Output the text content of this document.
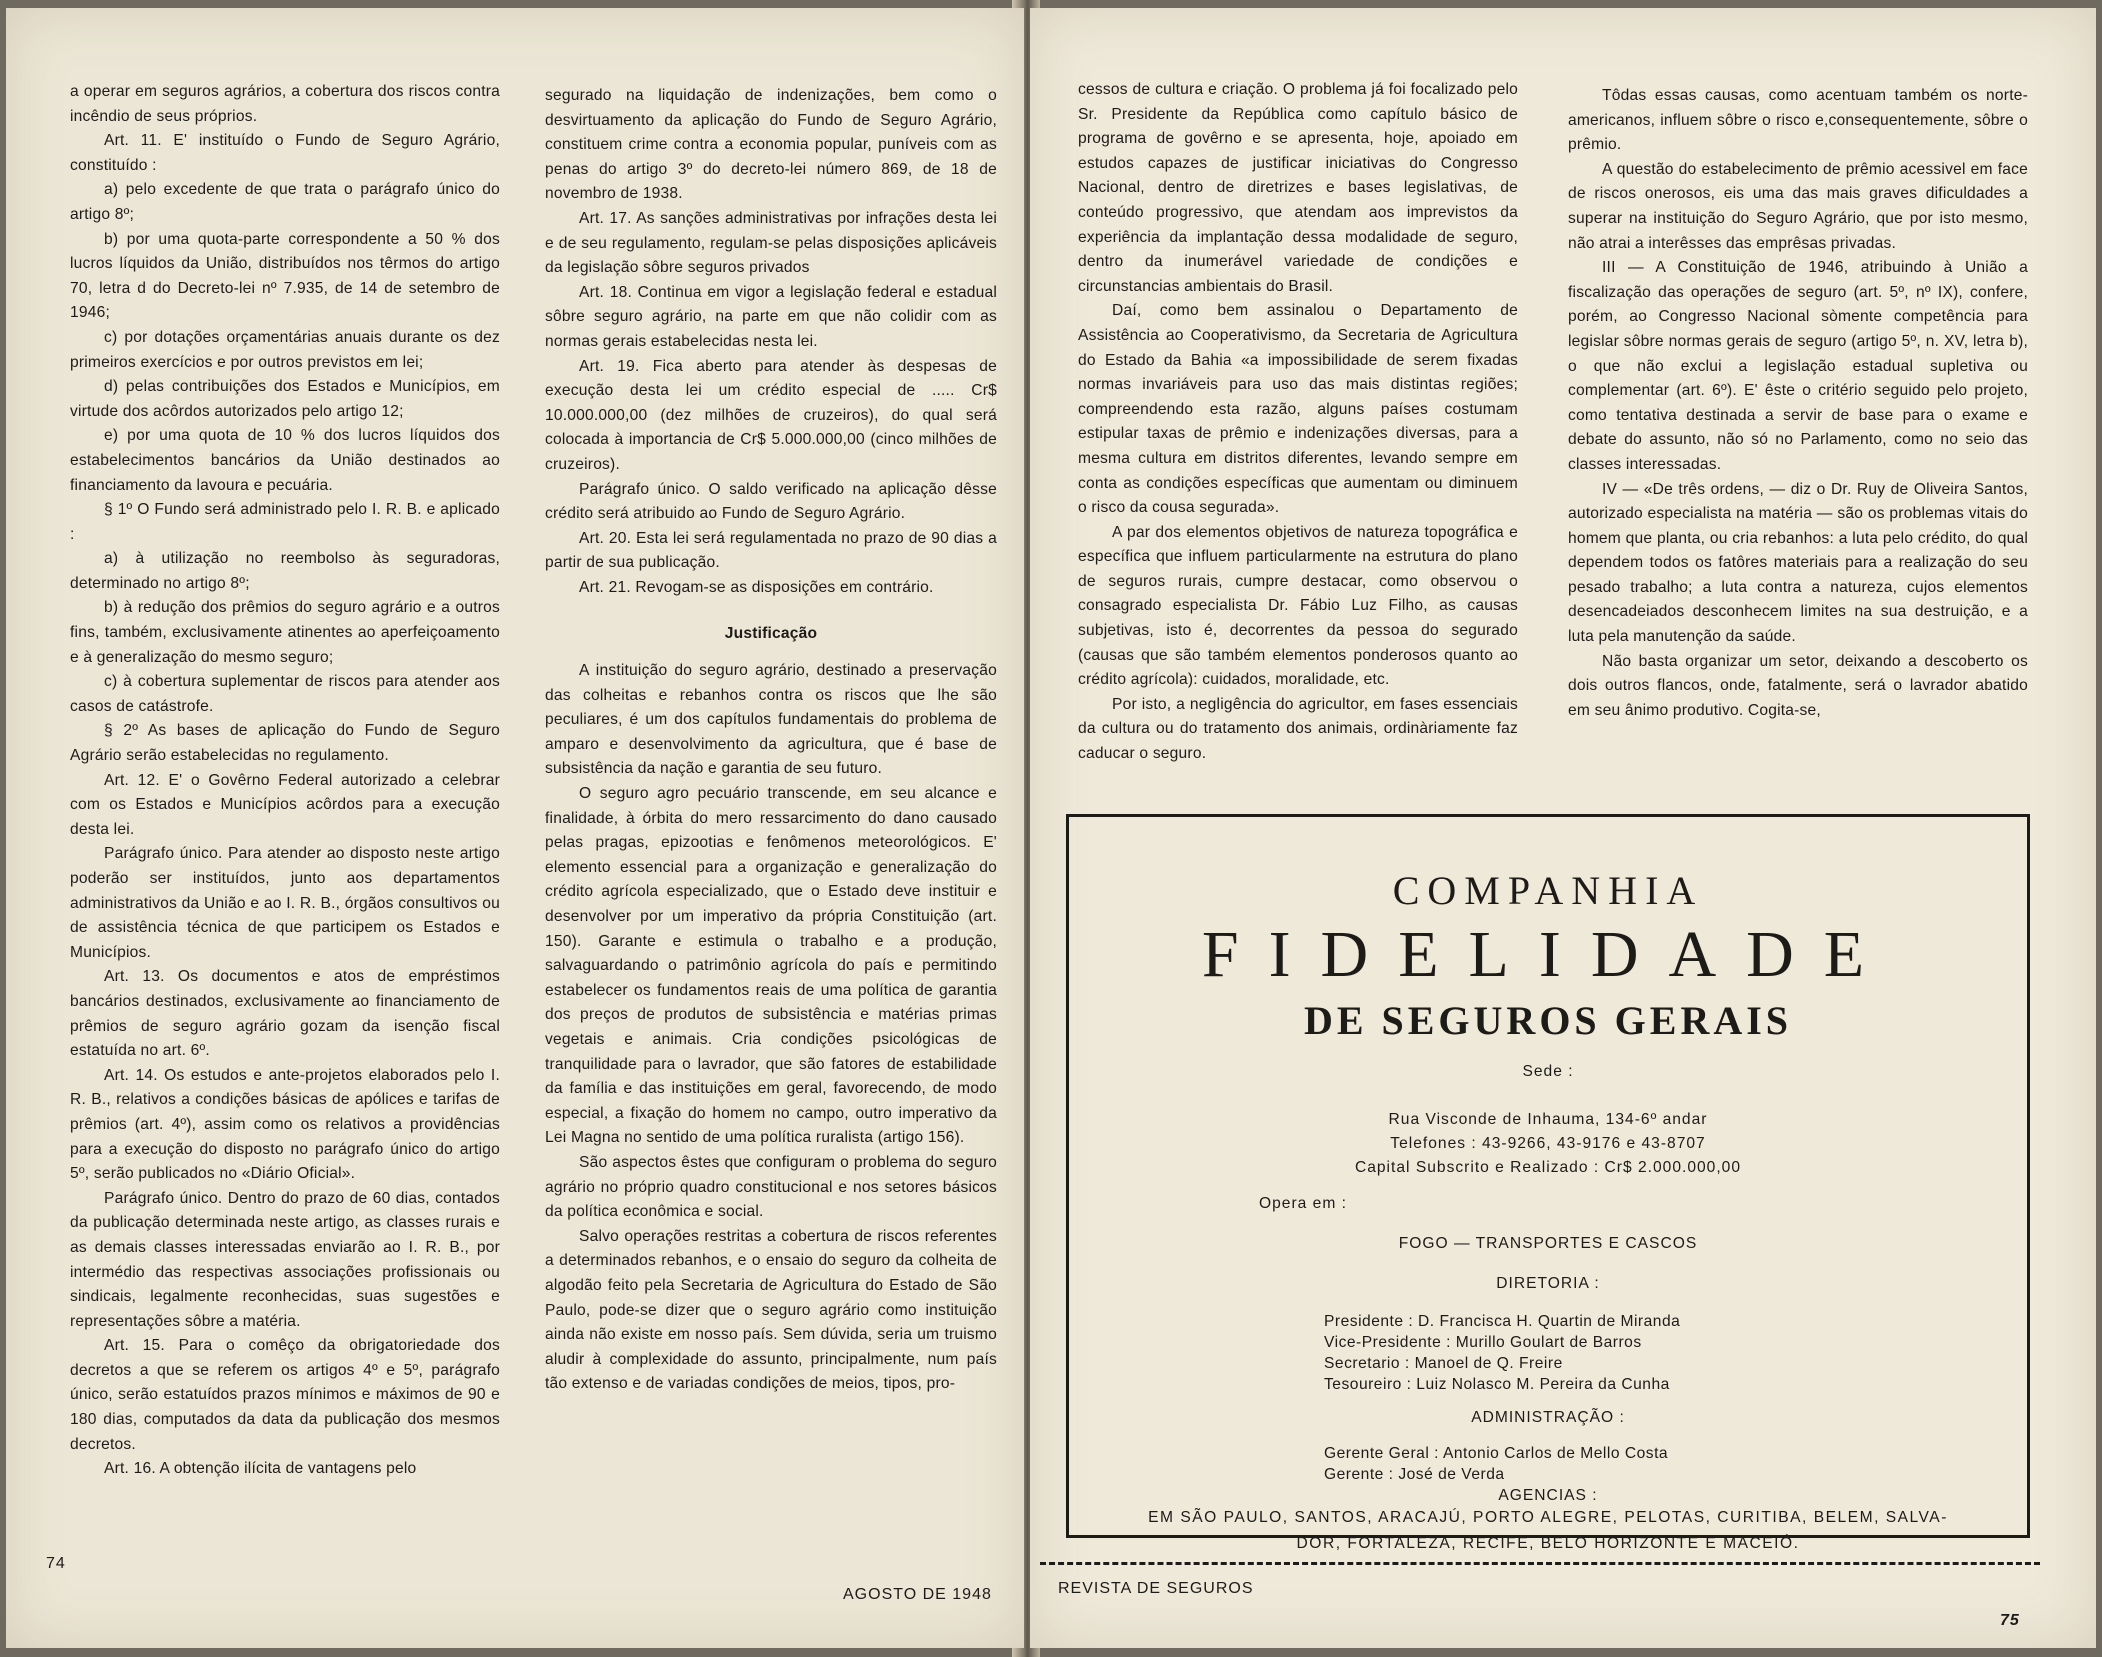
a operar em seguros agrários, a cobertura dos riscos contra incêndio de seus próprios.

Art. 11. E' instituído o Fundo de Seguro Agrário, constituído :

a) pelo excedente de que trata o parágrafo único do artigo 8º;

b) por uma quota-parte correspondente a 50 % dos lucros líquidos da União, distribuídos nos têrmos do artigo 70, letra d do Decreto-lei nº 7.935, de 14 de setembro de 1946;

c) por dotações orçamentárias anuais durante os dez primeiros exercícios e por outros previstos em lei;

d) pelas contribuições dos Estados e Municípios, em virtude dos acôrdos autorizados pelo artigo 12;

e) por uma quota de 10 % dos lucros líquidos dos estabelecimentos bancários da União destinados ao financiamento da lavoura e pecuária.

§ 1º O Fundo será administrado pelo I. R. B. e aplicado :

a) à utilização no reembolso às seguradoras, determinado no artigo 8º;

b) à redução dos prêmios do seguro agrário e a outros fins, também, exclusivamente atinentes ao aperfeiçoamento e à generalização do mesmo seguro;

c) à cobertura suplementar de riscos para atender aos casos de catástrofe.

§ 2º As bases de aplicação do Fundo de Seguro Agrário serão estabelecidas no regulamento.

Art. 12. E' o Govêrno Federal autorizado a celebrar com os Estados e Municípios acôrdos para a execução desta lei.

Parágrafo único. Para atender ao disposto neste artigo poderão ser instituídos, junto aos departamentos administrativos da União e ao I. R. B., órgãos consultivos ou de assistência técnica de que participem os Estados e Municípios.

Art. 13. Os documentos e atos de empréstimos bancários destinados, exclusivamente ao financiamento de prêmios de seguro agrário gozam da isenção fiscal estatuída no art. 6º.

Art. 14. Os estudos e ante-projetos elaborados pelo I. R. B., relativos a condições básicas de apólices e tarifas de prêmios (art. 4º), assim como os relativos a providências para a execução do disposto no parágrafo único do artigo 5º, serão publicados no «Diário Oficial».

Parágrafo único. Dentro do prazo de 60 dias, contados da publicação determinada neste artigo, as classes rurais e as demais classes interessadas enviarão ao I. R. B., por intermédio das respectivas associações profissionais ou sindicais, legalmente reconhecidas, suas sugestões e representações sôbre a matéria.

Art. 15. Para o comêço da obrigatoriedade dos decretos a que se referem os artigos 4º e 5º, parágrafo único, serão estatuídos prazos mínimos e máximos de 90 e 180 dias, computados da data da publicação dos mesmos decretos.

Art. 16. A obtenção ilícita de vantagens pelo

segurado na liquidação de indenizações, bem como o desvirtuamento da aplicação do Fundo de Seguro Agrário, constituem crime contra a economia popular, puníveis com as penas do artigo 3º do decreto-lei número 869, de 18 de novembro de 1938.

Art. 17. As sanções administrativas por infrações desta lei e de seu regulamento, regulam-se pelas disposições aplicáveis da legislação sôbre seguros privados

Art. 18. Continua em vigor a legislação federal e estadual sôbre seguro agrário, na parte em que não colidir com as normas gerais estabelecidas nesta lei.

Art. 19. Fica aberto para atender às despesas de execução desta lei um crédito especial de ..... Cr$ 10.000.000,00 (dez milhões de cruzeiros), do qual será colocada à importancia de Cr$ 5.000.000,00 (cinco milhões de cruzeiros).

Parágrafo único. O saldo verificado na aplicação dêsse crédito será atribuido ao Fundo de Seguro Agrário.

Art. 20. Esta lei será regulamentada no prazo de 90 dias a partir de sua publicação.

Art. 21. Revogam-se as disposições em contrário.

Justificação

A instituição do seguro agrário, destinado a preservação das colheitas e rebanhos contra os riscos que lhe são peculiares, é um dos capítulos fundamentais do problema de amparo e desenvolvimento da agricultura, que é base de subsistência da nação e garantia de seu futuro.

O seguro agro pecuário transcende, em seu alcance e finalidade, à órbita do mero ressarcimento do dano causado pelas pragas, epizootias e fenômenos meteorológicos. E' elemento essencial para a organização e generalização do crédito agrícola especializado, que o Estado deve instituir e desenvolver por um imperativo da própria Constituição (art. 150). Garante e estimula o trabalho e a produção, salvaguardando o patrimônio agrícola do país e permitindo estabelecer os fundamentos reais de uma política de garantia dos preços de produtos de subsistência e matérias primas vegetais e animais. Cria condições psicológicas de tranquilidade para o lavrador, que são fatores de estabilidade da família e das instituições em geral, favorecendo, de modo especial, a fixação do homem no campo, outro imperativo da Lei Magna no sentido de uma política ruralista (artigo 156).

São aspectos êstes que configuram o problema do seguro agrário no próprio quadro constitucional e nos setores básicos da política econômica e social.

Salvo operações restritas a cobertura de riscos referentes a determinados rebanhos, e o ensaio do seguro da colheita de algodão feito pela Secretaria de Agricultura do Estado de São Paulo, pode-se dizer que o seguro agrário como instituição ainda não existe em nosso país. Sem dúvida, seria um truismo aludir à complexidade do assunto, principalmente, num país tão extenso e de variadas condições de meios, tipos, pro-

74
AGOSTO DE 1948

cessos de cultura e criação. O problema já foi focalizado pelo Sr. Presidente da República como capítulo básico de programa de govêrno e se apresenta, hoje, apoiado em estudos capazes de justificar iniciativas do Congresso Nacional, dentro de diretrizes e bases legislativas, de conteúdo progressivo, que atendam aos imprevistos da experiência da implantação dessa modalidade de seguro, dentro da inumerável variedade de condições e circunstancias ambientais do Brasil.

Daí, como bem assinalou o Departamento de Assistência ao Cooperativismo, da Secretaria de Agricultura do Estado da Bahia «a impossibilidade de serem fixadas normas invariáveis para uso das mais distintas regiões; compreendendo esta razão, alguns países costumam estipular taxas de prêmio e indenizações diversas, para a mesma cultura em distritos diferentes, levando sempre em conta as condições específicas que aumentam ou diminuem o risco da cousa segurada».

A par dos elementos objetivos de natureza topográfica e específica que influem particularmente na estrutura do plano de seguros rurais, cumpre destacar, como observou o consagrado especialista Dr. Fábio Luz Filho, as causas subjetivas, isto é, decorrentes da pessoa do segurado (causas que são também elementos ponderosos quanto ao crédito agrícola): cuidados, moralidade, etc.

Por isto, a negligência do agricultor, em fases essenciais da cultura ou do tratamento dos animais, ordinàriamente faz caducar o seguro.

Tôdas essas causas, como acentuam também os norte-americanos, influem sôbre o risco e,consequentemente, sôbre o prêmio.

A questão do estabelecimento de prêmio acessivel em face de riscos onerosos, eis uma das mais graves dificuldades a superar na instituição do Seguro Agrário, que por isto mesmo, não atrai a interêsses das emprêsas privadas.

III — A Constituição de 1946, atribuindo à União a fiscalização das operações de seguro (art. 5º, nº IX), confere, porém, ao Congresso Nacional sòmente competência para legislar sôbre normas gerais de seguro (artigo 5º, n. XV, letra b), o que não exclui a legislação estadual supletiva ou complementar (art. 6º). E' êste o critério seguido pelo projeto, como tentativa destinada a servir de base para o exame e debate do assunto, não só no Parlamento, como no seio das classes interessadas.

IV — «De três ordens, — diz o Dr. Ruy de Oliveira Santos, autorizado especialista na matéria — são os problemas vitais do homem que planta, ou cria rebanhos: a luta pelo crédito, do qual dependem todos os fatôres materiais para a realização do seu pesado trabalho; a luta contra a natureza, cujos elementos desencadeiados desconhecem limites na sua destruição, e a luta pela manutenção da saúde.

Não basta organizar um setor, deixando a descoberto os dois outros flancos, onde, fatalmente, será o lavrador abatido em seu ânimo produtivo. Cogita-se,

COMPANHIA
FIDELIDADE
DE SEGUROS GERAIS
Sede :
Rua Visconde de Inhauma, 134-6º andar
Telefones : 43-9266, 43-9176 e 43-8707
Capital Subscrito e Realizado : Cr$ 2.000.000,00
Opera em :
FOGO — TRANSPORTES E CASCOS
DIRETORIA :
Presidente : D. Francisca H. Quartin de Miranda
Vice-Presidente : Murillo Goulart de Barros
Secretario : Manoel de Q. Freire
Tesoureiro : Luiz Nolasco M. Pereira da Cunha
ADMINISTRAÇÃO :
Gerente Geral : Antonio Carlos de Mello Costa
Gerente : José de Verda
AGENCIAS :
EM SÃO PAULO, SANTOS, ARACAJÚ, PORTO ALEGRE, PELOTAS, CURITIBA, BELEM, SALVA-
DOR, FORTALEZA, RECIFE, BELO HORIZONTE E MACEIÓ.
REVISTA DE SEGUROS
75
